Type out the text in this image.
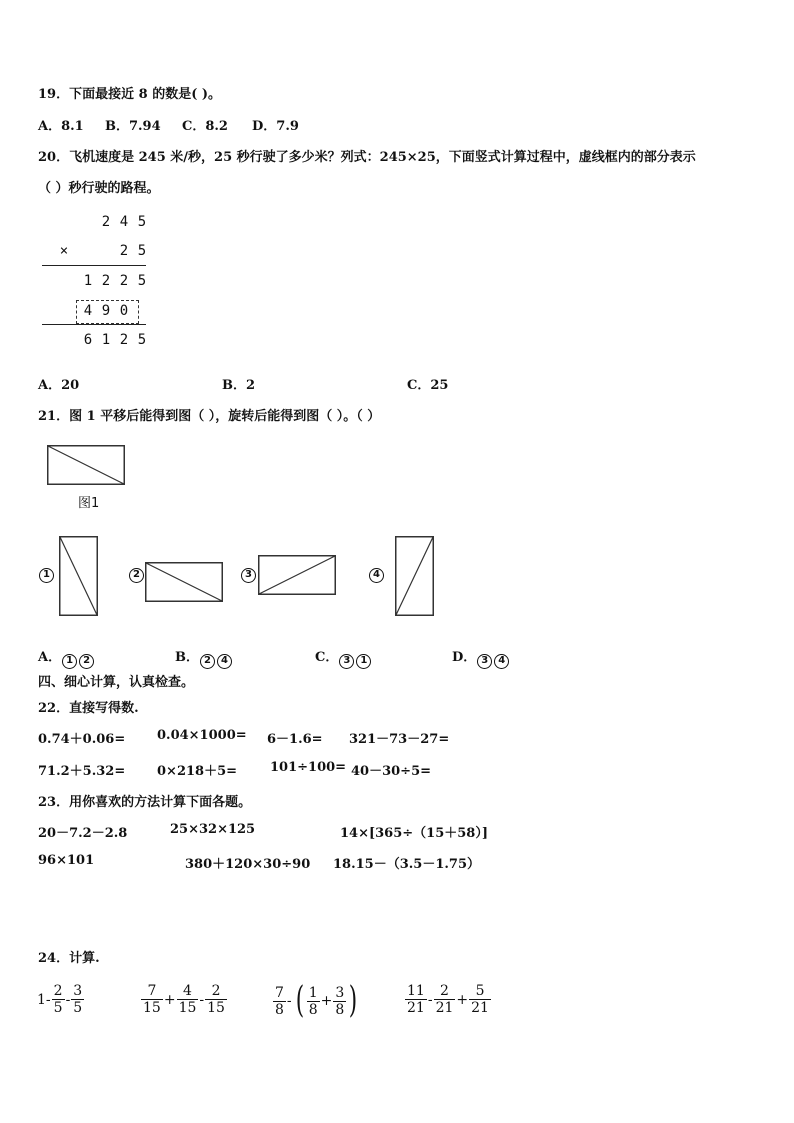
19．下面最接近 8 的数是( )。
A．8.1 B．7.94 C．8.2 D．7.9
20．飞机速度是 245 米/秒，25 秒行驶了多少米？列式：245×25，下面竖式计算过程中，虚线框内的部分表示
（ ）秒行驶的路程。
2 4 5
×	2 5
1 2 2 5
4 9 0
6 1 2 5
A．20	B．2	C．25
21．图 1 平移后能得到图（ ），旋转后能得到图（ ）。（ ）
图1
1	2	3	4
A． 1 2	B． 2 4	C． 3 1	D． 3 4
四、细心计算，认真检查。
22．直接写得数.
0.74＋0.06= 0.04×1000= 6－1.6= 321－73－27=
71.2＋5.32= 0×218＋5=	101÷100= 40－30÷5=
23．用你喜欢的方法计算下面各题。
20－7.2－2.8	25×32×125	14×[365÷（15＋58）]
96×101	380＋120×30÷90 18.15－（3.5－1.75）
24．计算.
$1- \frac{2}{5} - \frac{3}{5}$	$\frac{7}{15} + \frac{4}{15} - \frac{2}{15}$	$\frac{7}{8}$ - ( $\frac{1}{8} + \frac{3}{8}$ )	$\frac{11}{21} - \frac{2}{21} + \frac{5}{21}$
